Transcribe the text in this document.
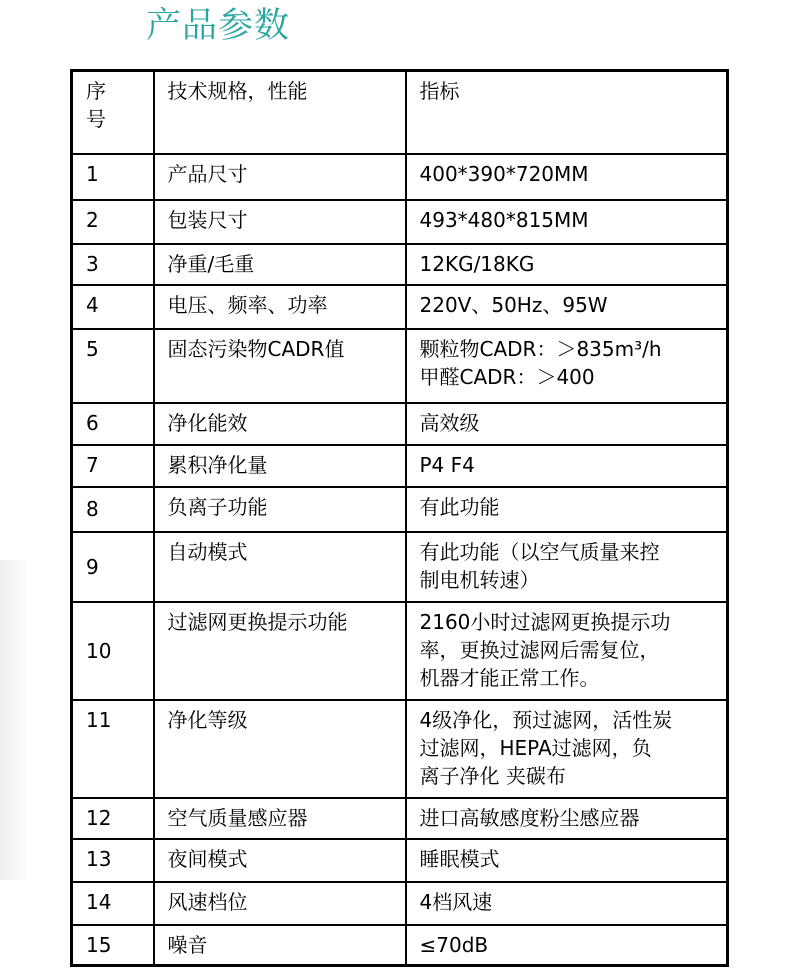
产品参数
序
号	技术规格，性能	指标
1	产品尺寸	400*390*720MM

2	包装尺寸	493*480*815MM

3	净重/毛重	12KG/18KG

4	电压、频率、功率	220V、50Hz、95W

5	固态污染物CADR值	颗粒物CADR：＞835m³/h
甲醛CADR：＞400

6	净化能效	高效级

7	累积净化量	P4 F4

8	负离子功能	有此功能

9	自动模式	有此功能（以空气质量来控
制电机转速）

10	过滤网更换提示功能	2160小时过滤网更换提示功
率，更换过滤网后需复位，
机器才能正常工作。

11	净化等级	4级净化，预过滤网，活性炭
过滤网，HEPA过滤网，负
离子净化 夹碳布

12	空气质量感应器	进口高敏感度粉尘感应器

13	夜间模式	睡眠模式

14	风速档位	4档风速

15	噪音	≤70dB
